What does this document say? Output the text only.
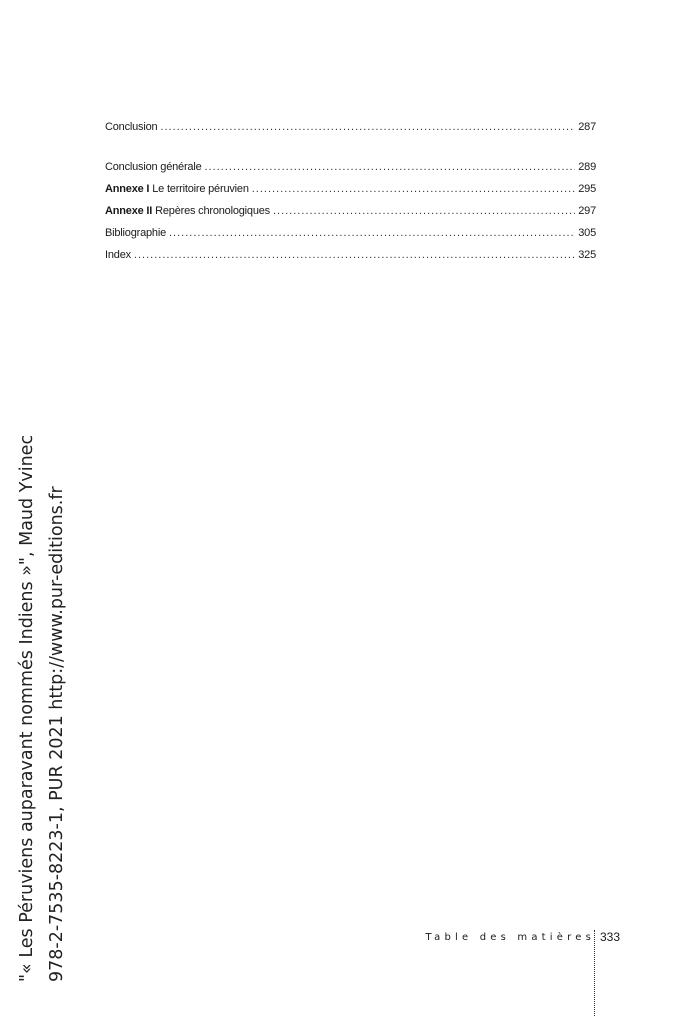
Conclusion .....	287
Conclusion générale .....	289
Annexe I Le territoire péruvien .....	295
Annexe II Repères chronologiques .....	297
Bibliographie .....	305
Index .....	325
Table des matières 333
"« Les Péruviens auparavant nommés Indiens »", Maud Yvinec 978-2-7535-8223-1, PUR 2021 http://www.pur-editions.fr
